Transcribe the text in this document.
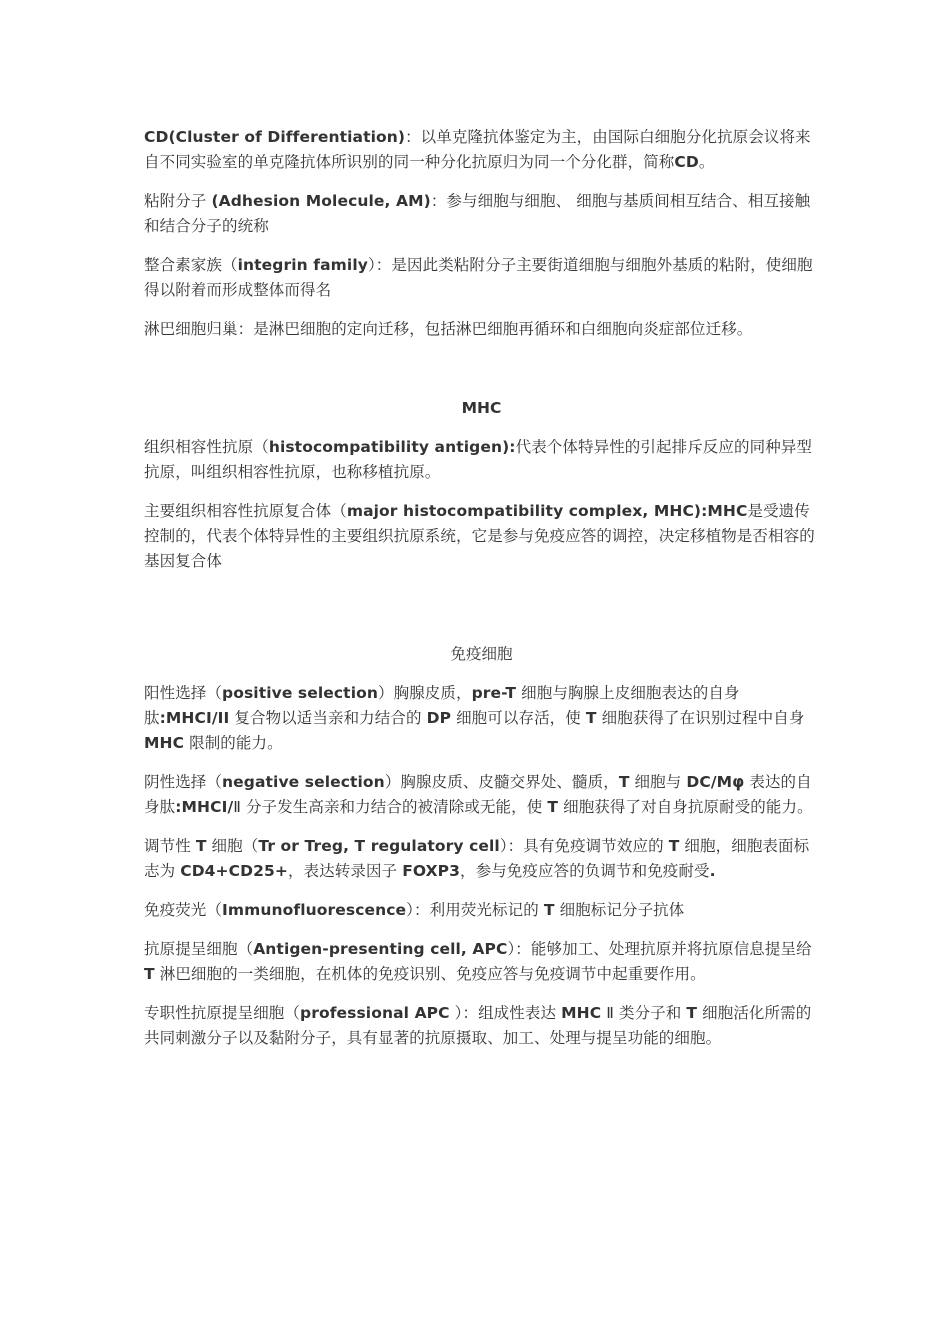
CD(Cluster of Differentiation)：以单克隆抗体鉴定为主，由国际白细胞分化抗原会议将来自不同实验室的单克隆抗体所识别的同一种分化抗原归为同一个分化群，简称CD。

粘附分子 (Adhesion Molecule, AM)：参与细胞与细胞、 细胞与基质间相互结合、相互接触和结合分子的统称

整合素家族（integrin family）：是因此类粘附分子主要街道细胞与细胞外基质的粘附，使细胞得以附着而形成整体而得名

淋巴细胞归巢：是淋巴细胞的定向迁移，包括淋巴细胞再循环和白细胞向炎症部位迁移。

MHC

组织相容性抗原（histocompatibility antigen):代表个体特异性的引起排斥反应的同种异型抗原，叫组织相容性抗原，也称移植抗原。

主要组织相容性抗原复合体（major histocompatibility complex, MHC):MHC是受遗传控制的，代表个体特异性的主要组织抗原系统，它是参与免疫应答的调控，决定移植物是否相容的基因复合体

免疫细胞

阳性选择（positive selection）胸腺皮质，pre-T 细胞与胸腺上皮细胞表达的自身肽:MHCI/II 复合物以适当亲和力结合的 DP 细胞可以存活，使 T 细胞获得了在识别过程中自身 MHC 限制的能力。

阴性选择（negative selection）胸腺皮质、皮髓交界处、髓质，T 细胞与 DC/Mφ 表达的自身肽:MHCI/Ⅱ 分子发生高亲和力结合的被清除或无能，使 T 细胞获得了对自身抗原耐受的能力。

调节性 T 细胞（Tr or Treg, T regulatory cell）：具有免疫调节效应的 T 细胞，细胞表面标志为 CD4+CD25+，表达转录因子 FOXP3，参与免疫应答的负调节和免疫耐受.

免疫荧光（Immunofluorescence）：利用荧光标记的 T 细胞标记分子抗体

抗原提呈细胞（Antigen-presenting cell, APC）：能够加工、处理抗原并将抗原信息提呈给 T 淋巴细胞的一类细胞，在机体的免疫识别、免疫应答与免疫调节中起重要作用。

专职性抗原提呈细胞（professional APC ）：组成性表达 MHC Ⅱ 类分子和 T 细胞活化所需的共同刺激分子以及黏附分子，具有显著的抗原摄取、加工、处理与提呈功能的细胞。
